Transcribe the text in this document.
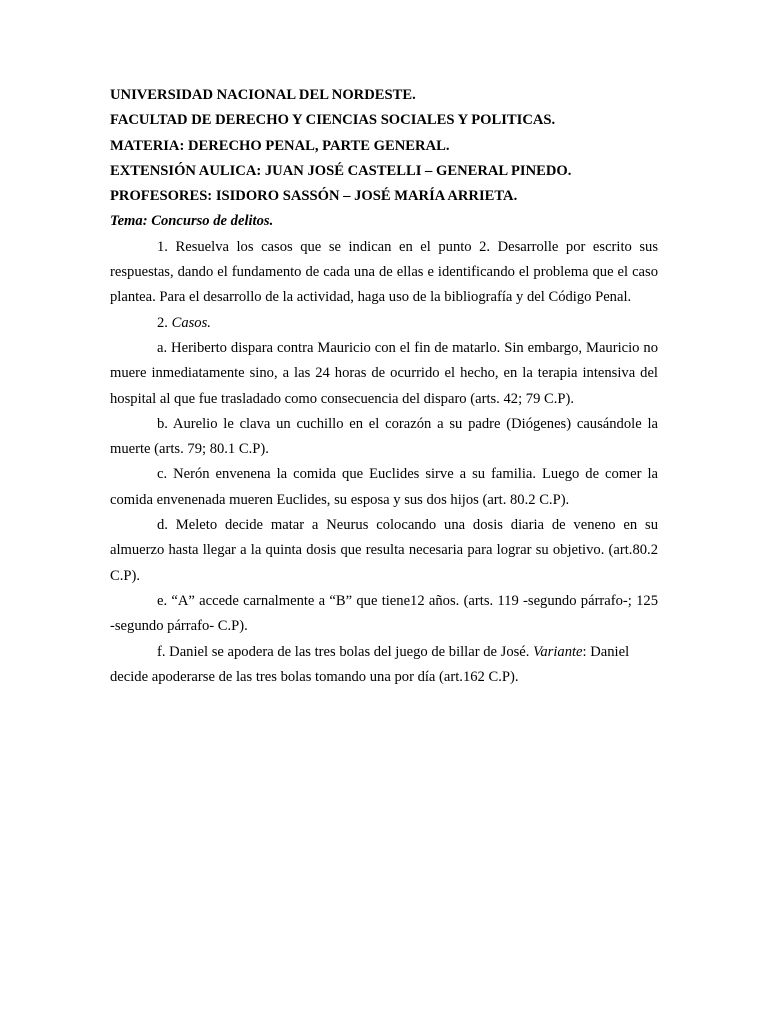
UNIVERSIDAD NACIONAL DEL NORDESTE.
FACULTAD DE DERECHO Y CIENCIAS SOCIALES Y POLITICAS.
MATERIA: DERECHO PENAL, PARTE GENERAL.
EXTENSIÓN AULICA: JUAN JOSÉ CASTELLI – GENERAL PINEDO.
PROFESORES: ISIDORO SASSÓN – JOSÉ MARÍA ARRIETA.
Tema: Concurso de delitos.

1. Resuelva los casos que se indican en el punto 2. Desarrolle por escrito sus respuestas, dando el fundamento de cada una de ellas e identificando el problema que el caso plantea. Para el desarrollo de la actividad, haga uso de la bibliografía y del Código Penal.

2. Casos.

a. Heriberto dispara contra Mauricio con el fin de matarlo. Sin embargo, Mauricio no muere inmediatamente sino, a las 24 horas de ocurrido el hecho, en la terapia intensiva del hospital al que fue trasladado como consecuencia del disparo (arts. 42; 79 C.P).

b. Aurelio le clava un cuchillo en el corazón a su padre (Diógenes) causándole la muerte (arts. 79; 80.1 C.P).

c. Nerón envenena la comida que Euclides sirve a su familia. Luego de comer la comida envenenada mueren Euclides, su esposa y sus dos hijos (art. 80.2 C.P).

d. Meleto decide matar a Neurus colocando una dosis diaria de veneno en su almuerzo hasta llegar a la quinta dosis que resulta necesaria para lograr su objetivo. (art.80.2 C.P).

e. “A” accede carnalmente a “B” que tiene12 años. (arts. 119 -segundo párrafo-; 125 -segundo párrafo- C.P).

f. Daniel se apodera de las tres bolas del juego de billar de José. Variante: Daniel decide apoderarse de las tres bolas tomando una por día (art.162 C.P).
